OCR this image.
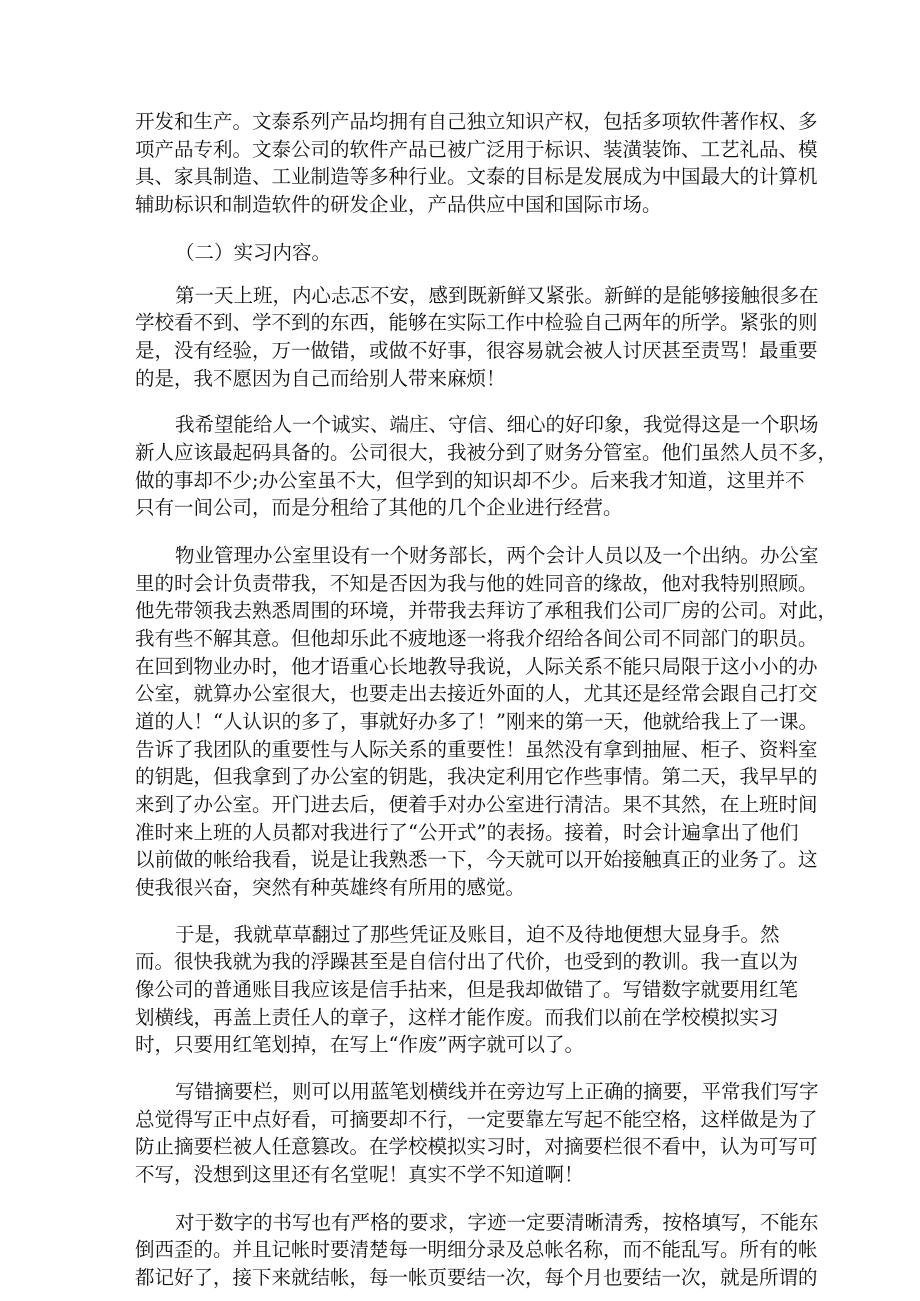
开发和生产。文泰系列产品均拥有自己独立知识产权，包括多项软件著作权、多

项产品专利。文泰公司的软件产品已被广泛用于标识、装潢装饰、工艺礼品、模

具、家具制造、工业制造等多种行业。文泰的目标是发展成为中国最大的计算机

辅助标识和制造软件的研发企业，产品供应中国和国际市场。

（二）实习内容。

第一天上班，内心忐忑不安，感到既新鲜又紧张。新鲜的是能够接触很多在

学校看不到、学不到的东西，能够在实际工作中检验自己两年的所学。紧张的则

是，没有经验，万一做错，或做不好事，很容易就会被人讨厌甚至责骂！最重要

的是，我不愿因为自己而给别人带来麻烦！

我希望能给人一个诚实、端庄、守信、细心的好印象，我觉得这是一个职场

新人应该最起码具备的。公司很大，我被分到了财务分管室。他们虽然人员不多，

做的事却不少;办公室虽不大，但学到的知识却不少。后来我才知道，这里并不

只有一间公司，而是分租给了其他的几个企业进行经营。

物业管理办公室里设有一个财务部长，两个会计人员以及一个出纳。办公室

里的时会计负责带我，不知是否因为我与他的姓同音的缘故，他对我特别照顾。

他先带领我去熟悉周围的环境，并带我去拜访了承租我们公司厂房的公司。对此，

我有些不解其意。但他却乐此不疲地逐一将我介绍给各间公司不同部门的职员。

在回到物业办时，他才语重心长地教导我说，人际关系不能只局限于这小小的办

公室，就算办公室很大，也要走出去接近外面的人，尤其还是经常会跟自己打交

道的人！“人认识的多了，事就好办多了！”刚来的第一天，他就给我上了一课。

告诉了我团队的重要性与人际关系的重要性！虽然没有拿到抽屉、柜子、资料室

的钥匙，但我拿到了办公室的钥匙，我决定利用它作些事情。第二天，我早早的

来到了办公室。开门进去后，便着手对办公室进行清洁。果不其然，在上班时间

准时来上班的人员都对我进行了“公开式”的表扬。接着，时会计遍拿出了他们

以前做的帐给我看，说是让我熟悉一下，今天就可以开始接触真正的业务了。这

使我很兴奋，突然有种英雄终有所用的感觉。

于是，我就草草翻过了那些凭证及账目，迫不及待地便想大显身手。然

而。很快我就为我的浮躁甚至是自信付出了代价，也受到的教训。我一直以为

像公司的普通账目我应该是信手拈来，但是我却做错了。写错数字就要用红笔

划横线，再盖上责任人的章子，这样才能作废。而我们以前在学校模拟实习

时，只要用红笔划掉，在写上“作废”两字就可以了。

写错摘要栏，则可以用蓝笔划横线并在旁边写上正确的摘要，平常我们写字

总觉得写正中点好看，可摘要却不行，一定要靠左写起不能空格，这样做是为了

防止摘要栏被人任意篡改。在学校模拟实习时，对摘要栏很不看中，认为可写可

不写，没想到这里还有名堂呢！真实不学不知道啊！

对于数字的书写也有严格的要求，字迹一定要清晰清秀，按格填写，不能东

倒西歪的。并且记帐时要清楚每一明细分录及总帐名称，而不能乱写。所有的帐

都记好了，接下来就结帐，每一帐页要结一次，每个月也要结一次，就是所谓的
